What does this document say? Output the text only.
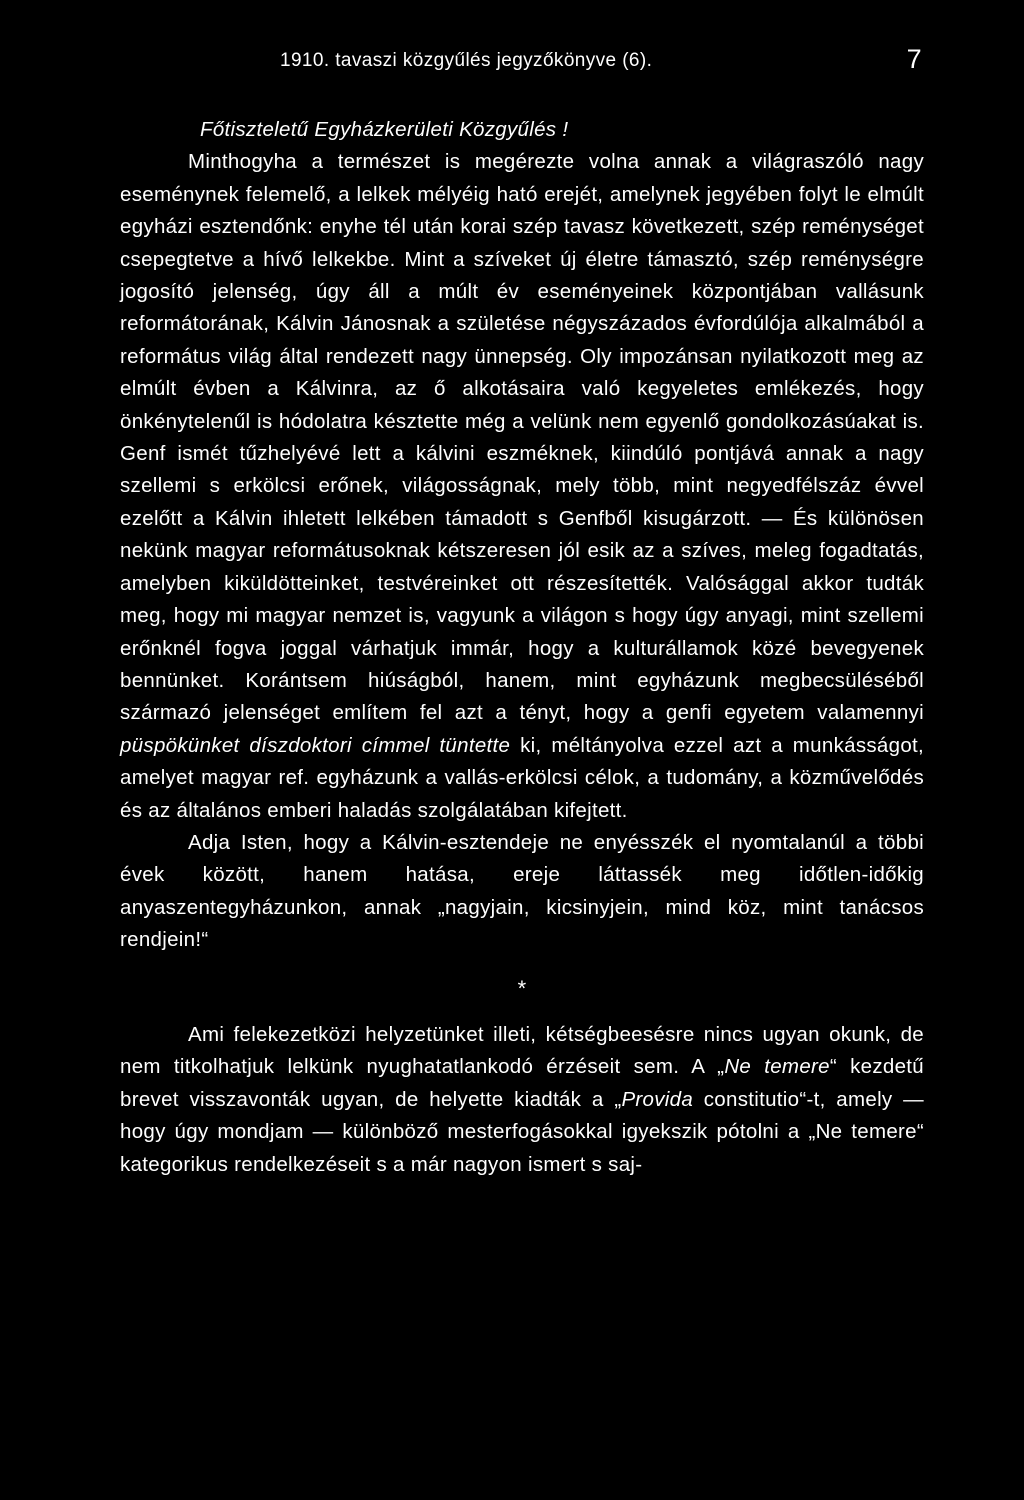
1910. tavaszi közgyűlés jegyzőkönyve (6).	7

Főtiszteletű Egyházkerületi Közgyűlés !

Minthogyha a természet is megérezte volna annak a világraszóló nagy eseménynek felemelő, a lelkek mélyéig ható erejét, amelynek jegyében folyt le elmúlt egyházi esztendőnk: enyhe tél után korai szép tavasz következett, szép reménységet csepegtetve a hívő lelkekbe. Mint a szíveket új életre támasztó, szép reménységre jogosító jelenség, úgy áll a múlt év eseményeinek központjában vallásunk reformátorának, Kálvin Jánosnak a születése négyszázados évfordúlója alkalmából a református világ által rendezett nagy ünnepség. Oly impozánsan nyilatkozott meg az elmúlt évben a Kálvinra, az ő alkotásaira való kegyeletes emlékezés, hogy önkénytelenűl is hódolatra késztette még a velünk nem egyenlő gondolkozásúakat is. Genf ismét tűzhelyévé lett a kálvini eszméknek, kiindúló pontjává annak a nagy szellemi s erkölcsi erőnek, világosságnak, mely több, mint negyedfélszáz évvel ezelőtt a Kálvin ihletett lelkében támadott s Genfből kisugárzott. — És különösen nekünk magyar reformátusoknak kétszeresen jól esik az a szíves, meleg fogadtatás, amelyben kiküldötteinket, testvéreinket ott részesítették. Valósággal akkor tudták meg, hogy mi magyar nemzet is, vagyunk a világon s hogy úgy anyagi, mint szellemi erőnknél fogva joggal várhatjuk immár, hogy a kulturállamok közé bevegyenek bennünket. Korántsem hiúságból, hanem, mint egyházunk megbecsüléséből származó jelenséget említem fel azt a tényt, hogy a genfi egyetem valamennyi püspökünket díszdoktori címmel tüntette ki, méltányolva ezzel azt a munkásságot, amelyet magyar ref. egyházunk a vallás-erkölcsi célok, a tudomány, a közművelődés és az általános emberi haladás szolgálatában kifejtett.

Adja Isten, hogy a Kálvin-esztendeje ne enyésszék el nyomtalanúl a többi évek között, hanem hatása, ereje láttassék meg időtlen-időkig anyaszentegyházunkon, annak „nagyjain, kicsinyjein, mind köz, mint tanácsos rendjein!“

*

Ami felekezetközi helyzetünket illeti, kétségbeesésre nincs ugyan okunk, de nem titkolhatjuk lelkünk nyughatatlankodó érzéseit sem. A „Ne temere“ kezdetű brevet visszavonták ugyan, de helyette kiadták a „Provida constitutio“-t, amely — hogy úgy mondjam — különböző mesterfogásokkal igyekszik pótolni a „Ne temere“ kategorikus rendelkezéseit s a már nagyon ismert s saj-
